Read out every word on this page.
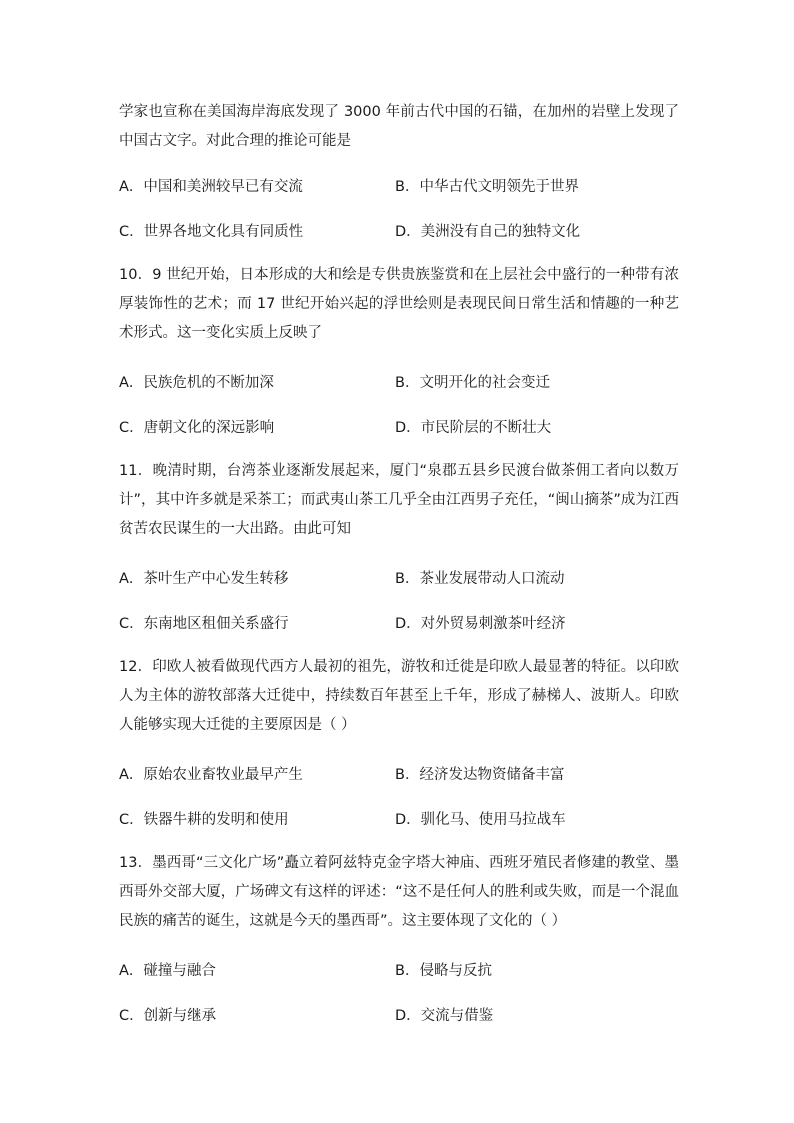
学家也宣称在美国海岸海底发现了 3000 年前古代中国的石锚，在加州的岩壁上发现了中国古文字。对此合理的推论可能是

A．中国和美洲较早已有交流	B．中华古代文明领先于世界

C．世界各地文化具有同质性	D．美洲没有自己的独特文化

10．9 世纪开始，日本形成的大和绘是专供贵族鉴赏和在上层社会中盛行的一种带有浓厚装饰性的艺术；而 17 世纪开始兴起的浮世绘则是表现民间日常生活和情趣的一种艺术形式。这一变化实质上反映了

A．民族危机的不断加深	B．文明开化的社会变迁

C．唐朝文化的深远影响	D．市民阶层的不断壮大

11．晚清时期，台湾茶业逐渐发展起来，厦门“泉郡五县乡民渡台做茶佣工者向以数万计”，其中许多就是采茶工；而武夷山茶工几乎全由江西男子充任，“闽山摘茶”成为江西贫苦农民谋生的一大出路。由此可知

A．茶叶生产中心发生转移	B．茶业发展带动人口流动

C．东南地区租佃关系盛行	D．对外贸易刺激茶叶经济

12．印欧人被看做现代西方人最初的祖先，游牧和迁徙是印欧人最显著的特征。以印欧人为主体的游牧部落大迁徙中，持续数百年甚至上千年，形成了赫梯人、波斯人。印欧人能够实现大迁徙的主要原因是（ ）

A．原始农业畜牧业最早产生	B．经济发达物资储备丰富

C．铁器牛耕的发明和使用	D．驯化马、使用马拉战车

13．墨西哥“三文化广场”矗立着阿兹特克金字塔大神庙、西班牙殖民者修建的教堂、墨西哥外交部大厦，广场碑文有这样的评述：“这不是任何人的胜利或失败，而是一个混血民族的痛苦的诞生，这就是今天的墨西哥”。这主要体现了文化的（ ）

A．碰撞与融合	B．侵略与反抗

C．创新与继承	D．交流与借鉴
